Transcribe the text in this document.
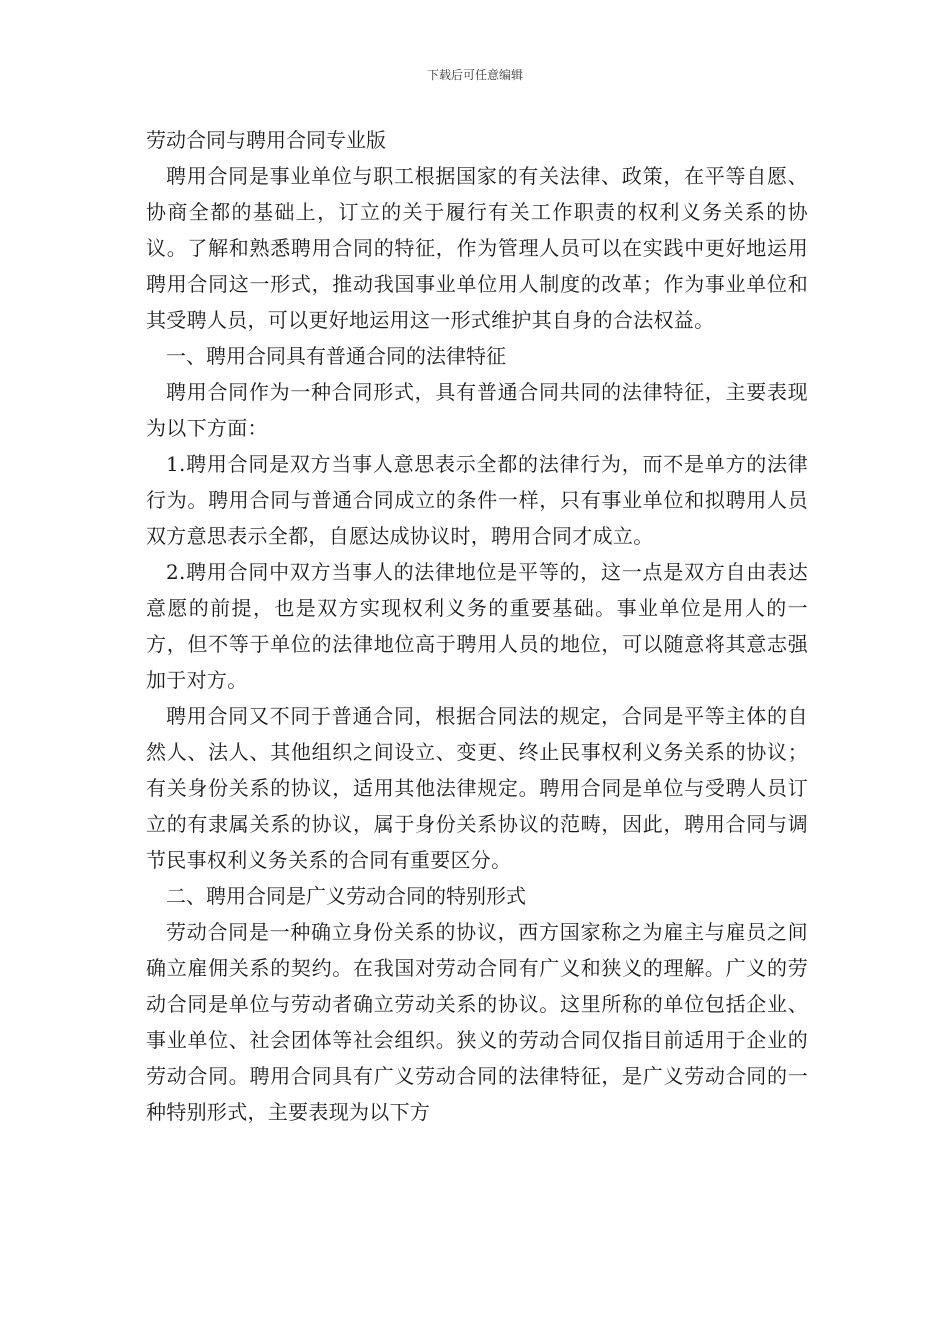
下载后可任意编辑

劳动合同与聘用合同专业版

聘用合同是事业单位与职工根据国家的有关法律、政策，在平等自愿、协商全都的基础上，订立的关于履行有关工作职责的权利义务关系的协议。了解和熟悉聘用合同的特征，作为管理人员可以在实践中更好地运用聘用合同这一形式，推动我国事业单位用人制度的改革；作为事业单位和其受聘人员，可以更好地运用这一形式维护其自身的合法权益。

一、聘用合同具有普通合同的法律特征

聘用合同作为一种合同形式，具有普通合同共同的法律特征，主要表现为以下方面：

1.聘用合同是双方当事人意思表示全都的法律行为，而不是单方的法律行为。聘用合同与普通合同成立的条件一样，只有事业单位和拟聘用人员双方意思表示全都，自愿达成协议时，聘用合同才成立。

2.聘用合同中双方当事人的法律地位是平等的，这一点是双方自由表达意愿的前提，也是双方实现权利义务的重要基础。事业单位是用人的一方，但不等于单位的法律地位高于聘用人员的地位，可以随意将其意志强加于对方。

聘用合同又不同于普通合同，根据合同法的规定，合同是平等主体的自然人、法人、其他组织之间设立、变更、终止民事权利义务关系的协议；有关身份关系的协议，适用其他法律规定。聘用合同是单位与受聘人员订立的有隶属关系的协议，属于身份关系协议的范畴，因此，聘用合同与调节民事权利义务关系的合同有重要区分。

二、聘用合同是广义劳动合同的特别形式

劳动合同是一种确立身份关系的协议，西方国家称之为雇主与雇员之间确立雇佣关系的契约。在我国对劳动合同有广义和狭义的理解。广义的劳动合同是单位与劳动者确立劳动关系的协议。这里所称的单位包括企业、事业单位、社会团体等社会组织。狭义的劳动合同仅指目前适用于企业的劳动合同。聘用合同具有广义劳动合同的法律特征，是广义劳动合同的一种特别形式，主要表现为以下方
